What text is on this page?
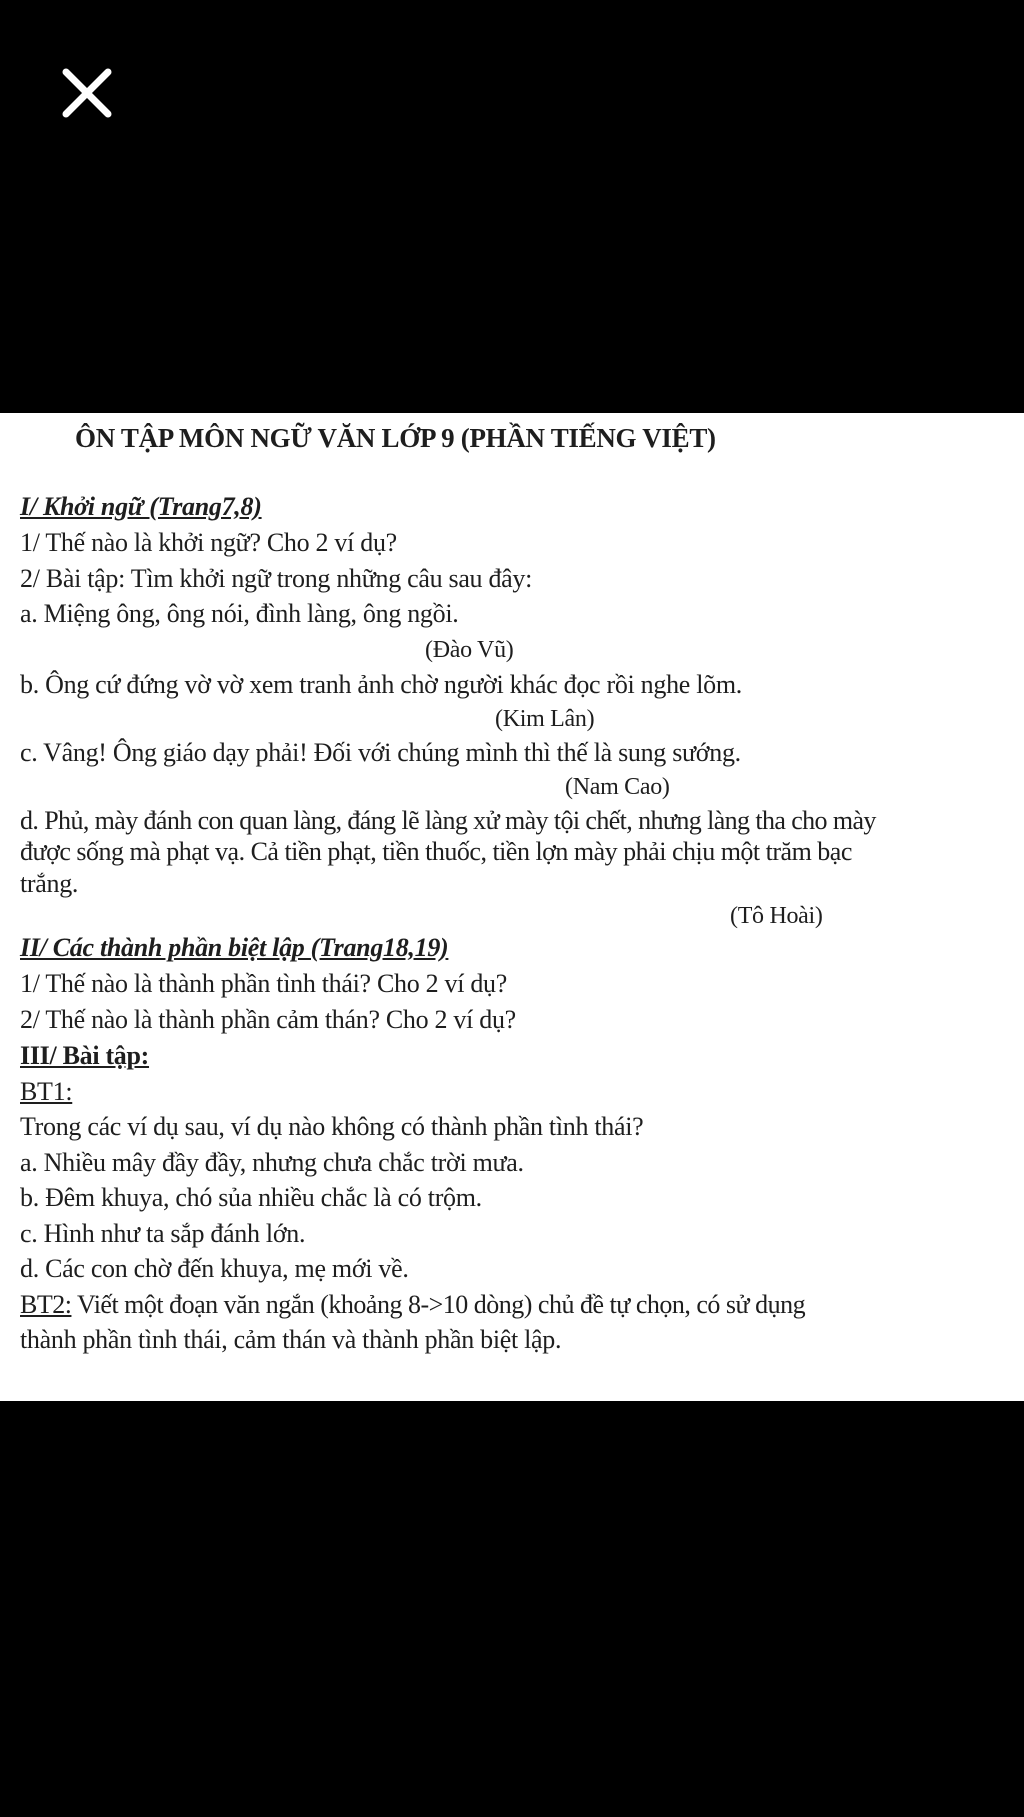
ÔN TẬP MÔN NGỮ VĂN LỚP 9 (PHẦN TIẾNG VIỆT)
I/ Khởi ngữ (Trang7,8)
1/ Thế nào là khởi ngữ? Cho 2 ví dụ?
2/ Bài tập: Tìm khởi ngữ trong những câu sau đây:
a. Miệng ông, ông nói, đình làng, ông ngồi.
(Đào Vũ)
b. Ông cứ đứng vờ vờ xem tranh ảnh chờ người khác đọc rồi nghe lõm.
(Kim Lân)
c. Vâng! Ông giáo dạy phải! Đối với chúng mình thì thế là sung sướng.
(Nam Cao)
d. Phủ, mày đánh con quan làng, đáng lẽ làng xử mày tội chết, nhưng làng tha cho mày
được sống mà phạt vạ. Cả tiền phạt, tiền thuốc, tiền lợn mày phải chịu một trăm bạc
trắng.
(Tô Hoài)
II/ Các thành phần biệt lập (Trang18,19)
1/ Thế nào là thành phần tình thái? Cho 2 ví dụ?
2/ Thế nào là thành phần cảm thán? Cho 2 ví dụ?
III/ Bài tập:
BT1:
Trong các ví dụ sau, ví dụ nào không có thành phần tình thái?
a. Nhiều mây đầy đầy, nhưng chưa chắc trời mưa.
b. Đêm khuya, chó sủa nhiều chắc là có trộm.
c. Hình như ta sắp đánh lớn.
d. Các con chờ đến khuya, mẹ mới về.
BT2: Viết một đoạn văn ngắn (khoảng 8->10 dòng) chủ đề tự chọn, có sử dụng
thành phần tình thái, cảm thán và thành phần biệt lập.
